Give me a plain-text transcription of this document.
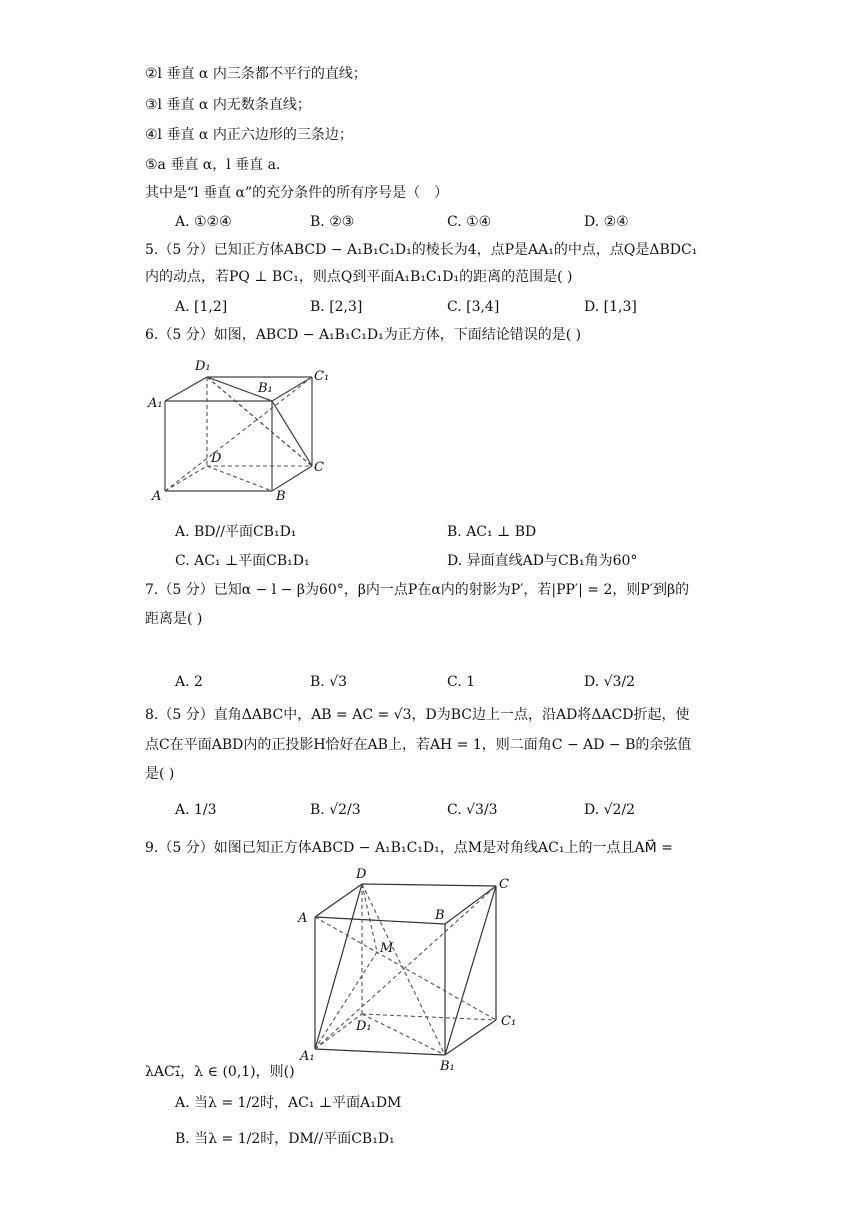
②l 垂直 α 内三条都不平行的直线；
③l 垂直 α 内无数条直线；
④l 垂直 α 内正六边形的三条边；
⑤a 垂直 α，l 垂直 a．
其中是“l 垂直 α”的充分条件的所有序号是（　）
A. ①②④	B. ②③	C. ①④	D. ②④
5.（5 分）已知正方体ABCD − A₁B₁C₁D₁的棱长为4，点P是AA₁的中点，点Q是ΔBDC₁
内的动点，若PQ ⊥ BC₁，则点Q到平面A₁B₁C₁D₁的距离的范围是( )
A. [1,2]	B. [2,3]	C. [3,4]	D. [1,3]
6.（5 分）如图，ABCD − A₁B₁C₁D₁为正方体，下面结论错误的是( )
D₁
B₁
C₁
A₁
D
C
A	B
A. BD//平面CB₁D₁	B. AC₁ ⊥ BD
C. AC₁ ⊥平面CB₁D₁	D. 异面直线AD与CB₁角为60°
7.（5 分）已知α − l − β为60°，β内一点P在α内的射影为P′，若|PP′| = 2，则P′到β的
距离是( )
A. 2	B. √3	C. 1	D. √3/2
8.（5 分）直角ΔABC中，AB = AC = √3，D为BC边上一点，沿AD将ΔACD折起，使
点C在平面ABD内的正投影H恰好在AB上，若AH = 1，则二面角C − AD − B的余弦值
是( )
A. 1/3	B. √2/3	C. √3/3	D. √2/2
9.（5 分）如图已知正方体ABCD − A₁B₁C₁D₁，点M是对角线AC₁上的一点且AM⃗ =
D
C
A	B
M
D₁	C₁
A₁
B₁
λAC₁⃗，λ ∈ (0,1)，则()
A. 当λ = 1/2时，AC₁ ⊥平面A₁DM
B. 当λ = 1/2时，DM//平面CB₁D₁
